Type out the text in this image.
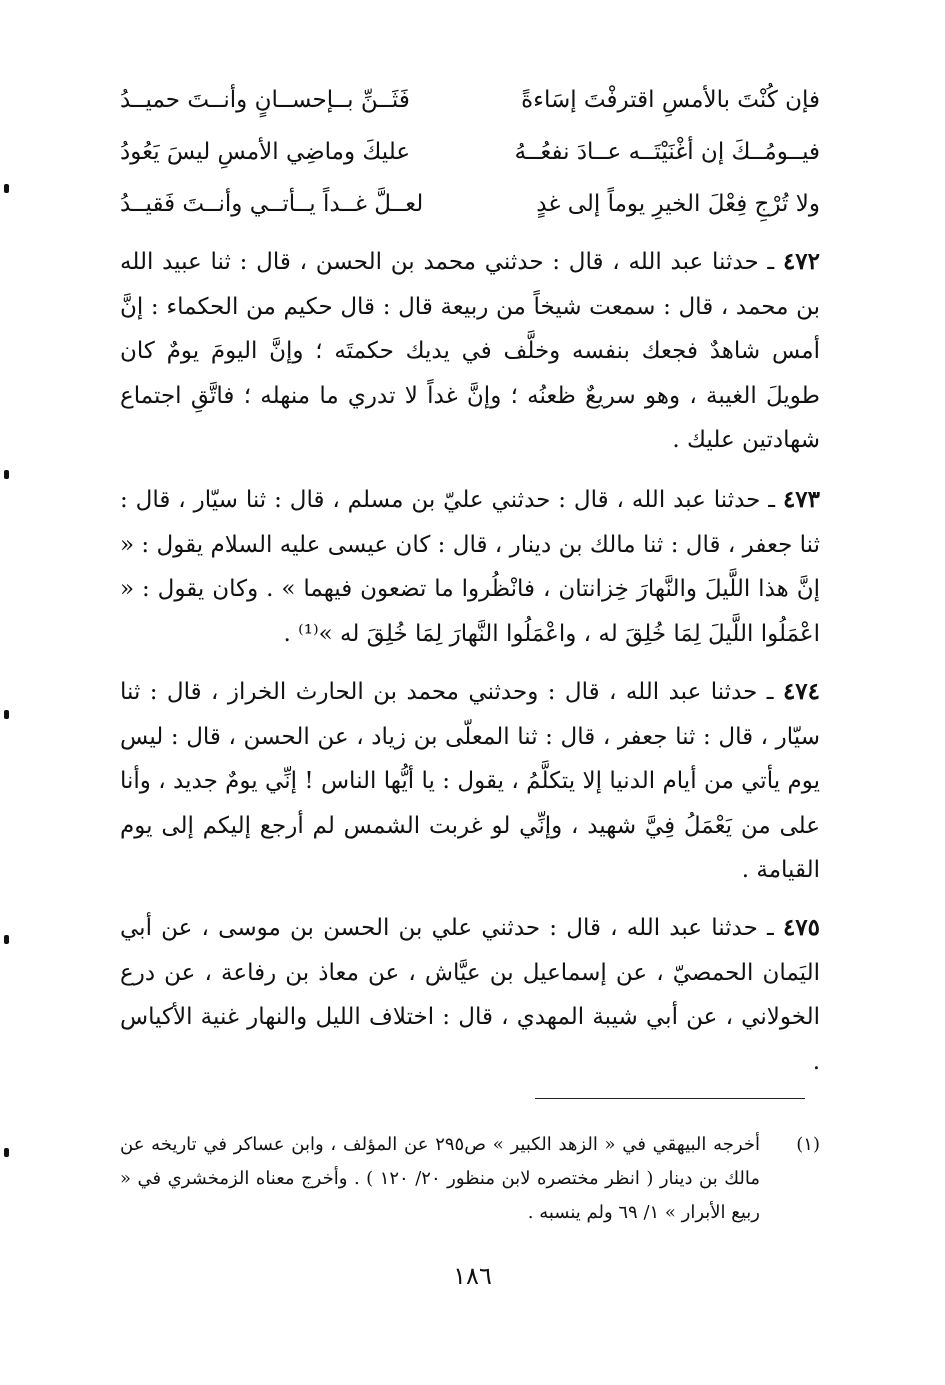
فإن كُنْتَ بالأمسِ اقترفْتَ إسَاءةً
فَثَــنِّ بــإحســانٍ وأنــتَ حميــدُ
فيــومُــكَ إن أغْنَيْتَــه عــادَ نفعُــهُ
عليكَ وماضِي الأمسِ ليسَ يَعُودُ
ولا تُرْجِ فِعْلَ الخيرِ يوماً إلى غدٍ
لعــلَّ غــداً يــأتــي وأنــتَ فَقيــدُ

٤٧٢ ـ حدثنا عبد الله ، قال : حدثني محمد بن الحسن ، قال : ثنا عبيد الله بن محمد ، قال : سمعت شيخاً من ربيعة قال : قال حكيم من الحكماء : إنَّ أمس شاهدٌ فجعك بنفسه وخلَّف في يديك حكمتَه ؛ وإنَّ اليومَ يومٌ كان طويلَ الغيبة ، وهو سريعٌ ظعنُه ؛ وإنَّ غداً لا تدري ما منهله ؛ فاتَّقِ اجتماع شهادتين عليك .

٤٧٣ ـ حدثنا عبد الله ، قال : حدثني عليّ بن مسلم ، قال : ثنا سيّار ، قال : ثنا جعفر ، قال : ثنا مالك بن دينار ، قال : كان عيسى عليه السلام يقول : « إنَّ هذا اللَّيلَ والنَّهارَ خِزانتان ، فانْظُروا ما تضعون فيهما » . وكان يقول : « اعْمَلُوا اللَّيلَ لِمَا خُلِقَ له ، واعْمَلُوا النَّهارَ لِمَا خُلِقَ له »⁽¹⁾ .

٤٧٤ ـ حدثنا عبد الله ، قال : وحدثني محمد بن الحارث الخراز ، قال : ثنا سيّار ، قال : ثنا جعفر ، قال : ثنا المعلّى بن زياد ، عن الحسن ، قال : ليس يوم يأتي من أيام الدنيا إلا يتكلَّمُ ، يقول : يا أيُّها الناس ! إنِّي يومٌ جديد ، وأنا على من يَعْمَلُ فِيَّ شهيد ، وإنِّي لو غربت الشمس لم أرجع إليكم إلى يوم القيامة .

٤٧٥ ـ حدثنا عبد الله ، قال : حدثني علي بن الحسن بن موسى ، عن أبي اليَمان الحمصيّ ، عن إسماعيل بن عيَّاش ، عن معاذ بن رفاعة ، عن درع الخولاني ، عن أبي شيبة المهدي ، قال : اختلاف الليل والنهار غنية الأكياس .

(١)
أخرجه البيهقي في « الزهد الكبير » ص٢٩٥ عن المؤلف ، وابن عساكر في تاريخه عن مالك بن دينار ( انظر مختصره لابن منظور ٢٠/ ١٢٠ ) . وأخرج معناه الزمخشري في « ربيع الأبرار » ١/ ٦٩ ولم ينسبه .
١٨٦
